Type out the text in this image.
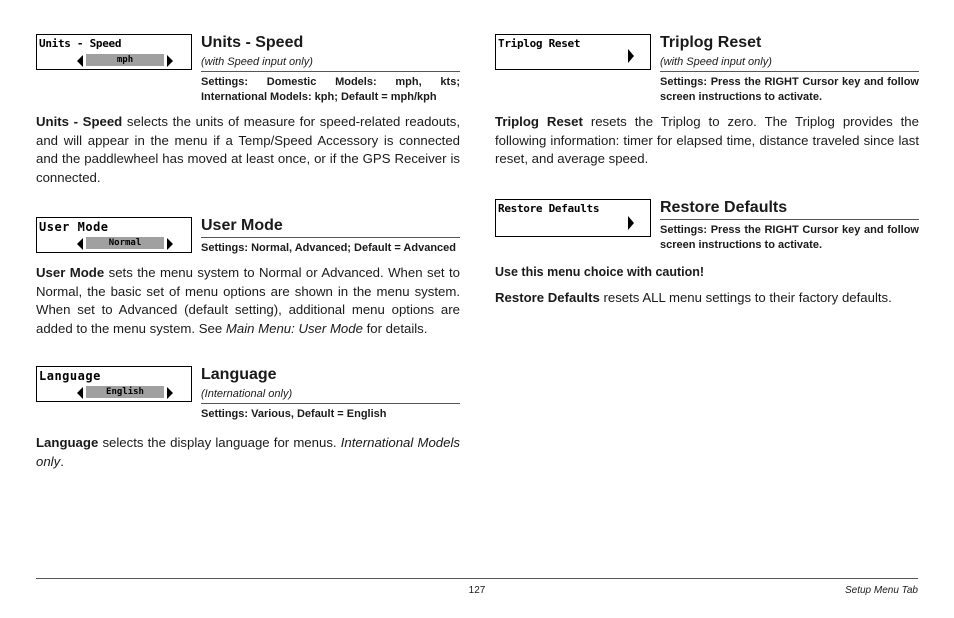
Units - Speed
mph
Units - Speed
(with Speed input only)
Settings: Domestic Models: mph, kts; International Models: kph; Default = mph/kph
Units - Speed selects the units of measure for speed-related readouts, and will appear in the menu if a Temp/Speed Accessory is connected and the paddlewheel has moved at least once, or if the GPS Receiver is connected.
User Mode
Normal
User Mode
Settings: Normal, Advanced; Default = Advanced
User Mode sets the menu system to Normal or Advanced. When set to Normal, the basic set of menu options are shown in the menu system. When set to Advanced (default setting), additional menu options are added to the menu system. See Main Menu: User Mode for details.
Language
English
Language
(International only)
Settings: Various, Default = English
Language selects the display language for menus. International Models only.
Triplog Reset	Triplog Reset
(with Speed input only)
Settings: Press the RIGHT Cursor key and follow screen instructions to activate.
Triplog Reset resets the Triplog to zero. The Triplog provides the following information: timer for elapsed time, distance traveled since last reset, and average speed.
Restore Defaults	Restore Defaults
Settings: Press the RIGHT Cursor key and follow screen instructions to activate.
Use this menu choice with caution!
Restore Defaults resets ALL menu settings to their factory defaults.
127	Setup Menu Tab
